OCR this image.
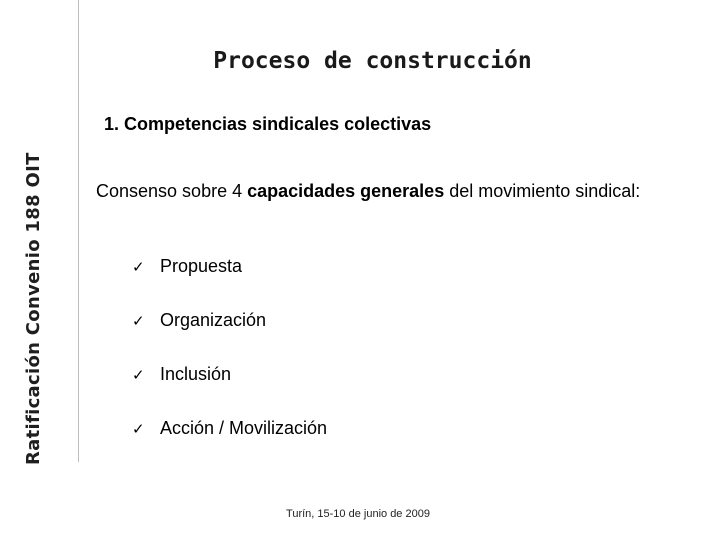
Ratificación Convenio 188 OIT
Proceso de construcción
1. Competencias sindicales colectivas
Consenso sobre 4 capacidades generales del movimiento sindical:
✓ Propuesta
✓ Organización
✓ Inclusión
✓ Acción / Movilización
Turín, 15-10 de junio de 2009
